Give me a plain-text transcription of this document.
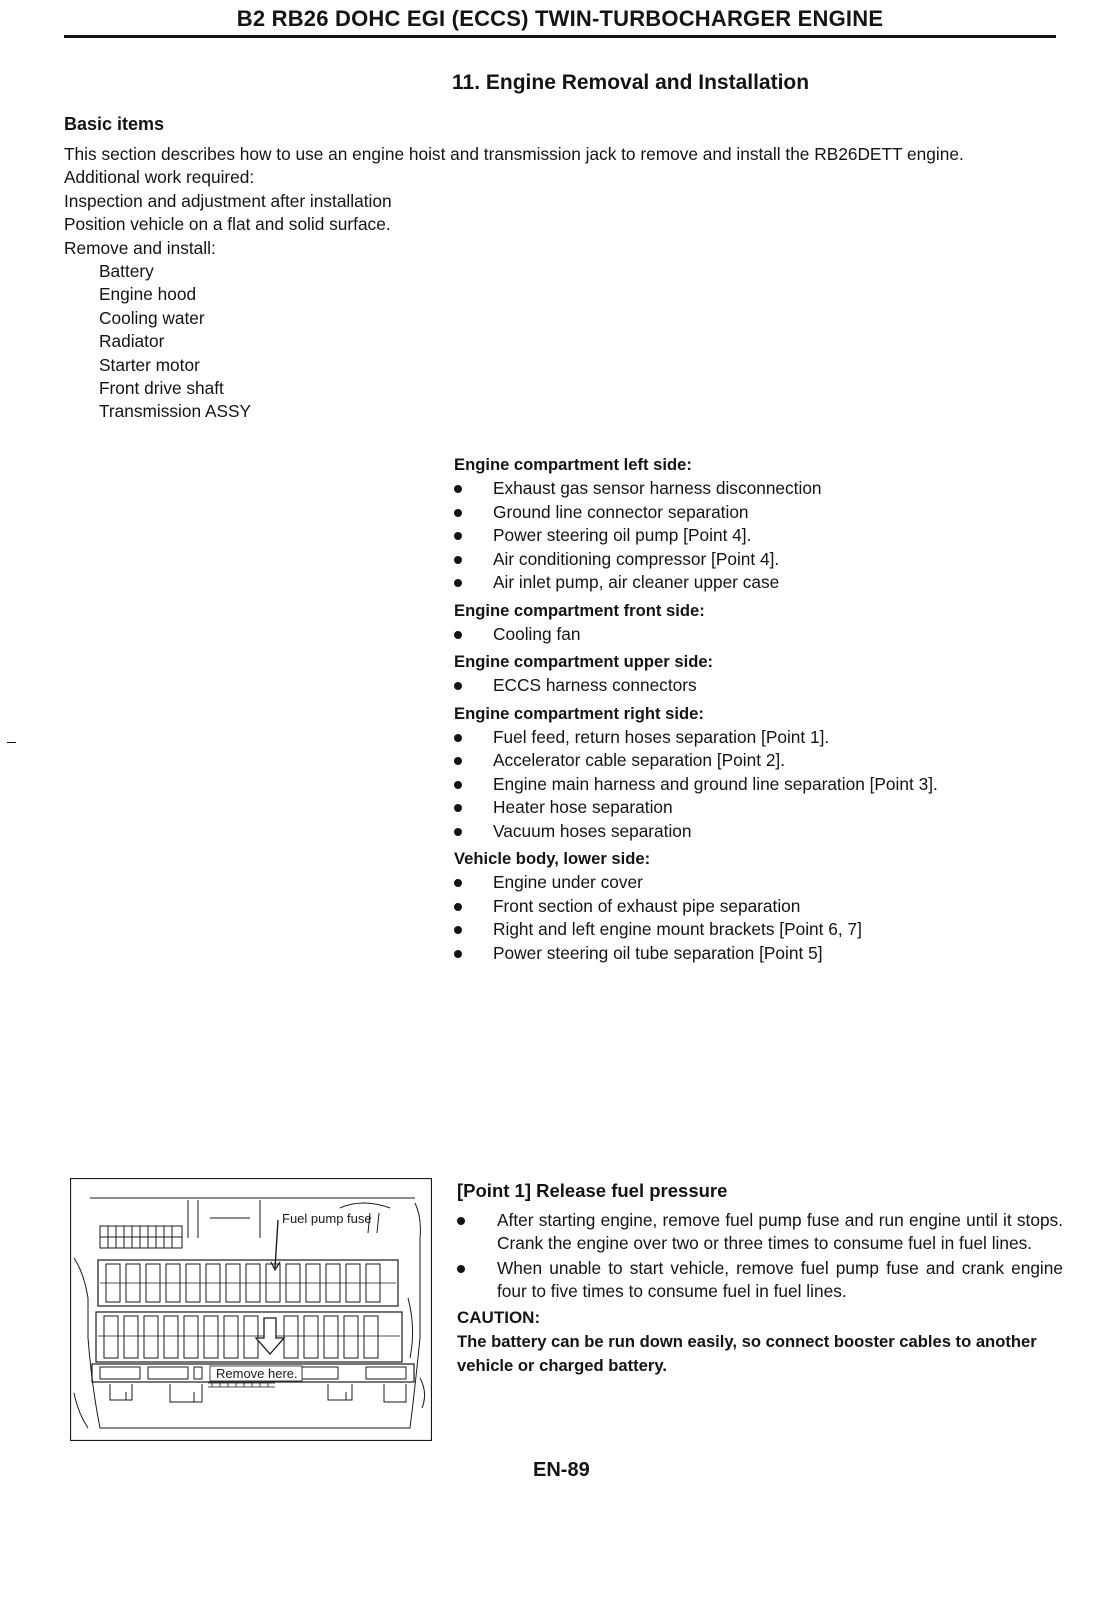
B2 RB26 DOHC EGI (ECCS) TWIN-TURBOCHARGER ENGINE
11. Engine Removal and Installation
Basic items

This section describes how to use an engine hoist and transmission jack to remove and install the RB26DETT engine.

Additional work required:

Inspection and adjustment after installation

Position vehicle on a flat and solid surface.

Remove and install:

Battery

Engine hood

Cooling water

Radiator

Starter motor

Front drive shaft

Transmission ASSY

Engine compartment left side:

Exhaust gas sensor harness disconnection
Ground line connector separation
Power steering oil pump [Point 4].
Air conditioning compressor [Point 4].
Air inlet pump, air cleaner upper case

Engine compartment front side:

Cooling fan

Engine compartment upper side:

ECCS harness connectors

Engine compartment right side:

Fuel feed, return hoses separation [Point 1].
Accelerator cable separation [Point 2].
Engine main harness and ground line separation [Point 3].
Heater hose separation
Vacuum hoses separation

Vehicle body, lower side:

Engine under cover
Front section of exhaust pipe separation
Right and left engine mount brackets [Point 6, 7]
Power steering oil tube separation [Point 5]
Fuel pump fuse
Remove here.

[Point 1] Release fuel pressure

After starting engine, remove fuel pump fuse and run engine until it stops. Crank the engine over two or three times to consume fuel in fuel lines.
When unable to start vehicle, remove fuel pump fuse and crank engine four to five times to consume fuel in fuel lines.

CAUTION:

The battery can be run down easily, so connect booster cables to another vehicle or charged battery.

EN-89
